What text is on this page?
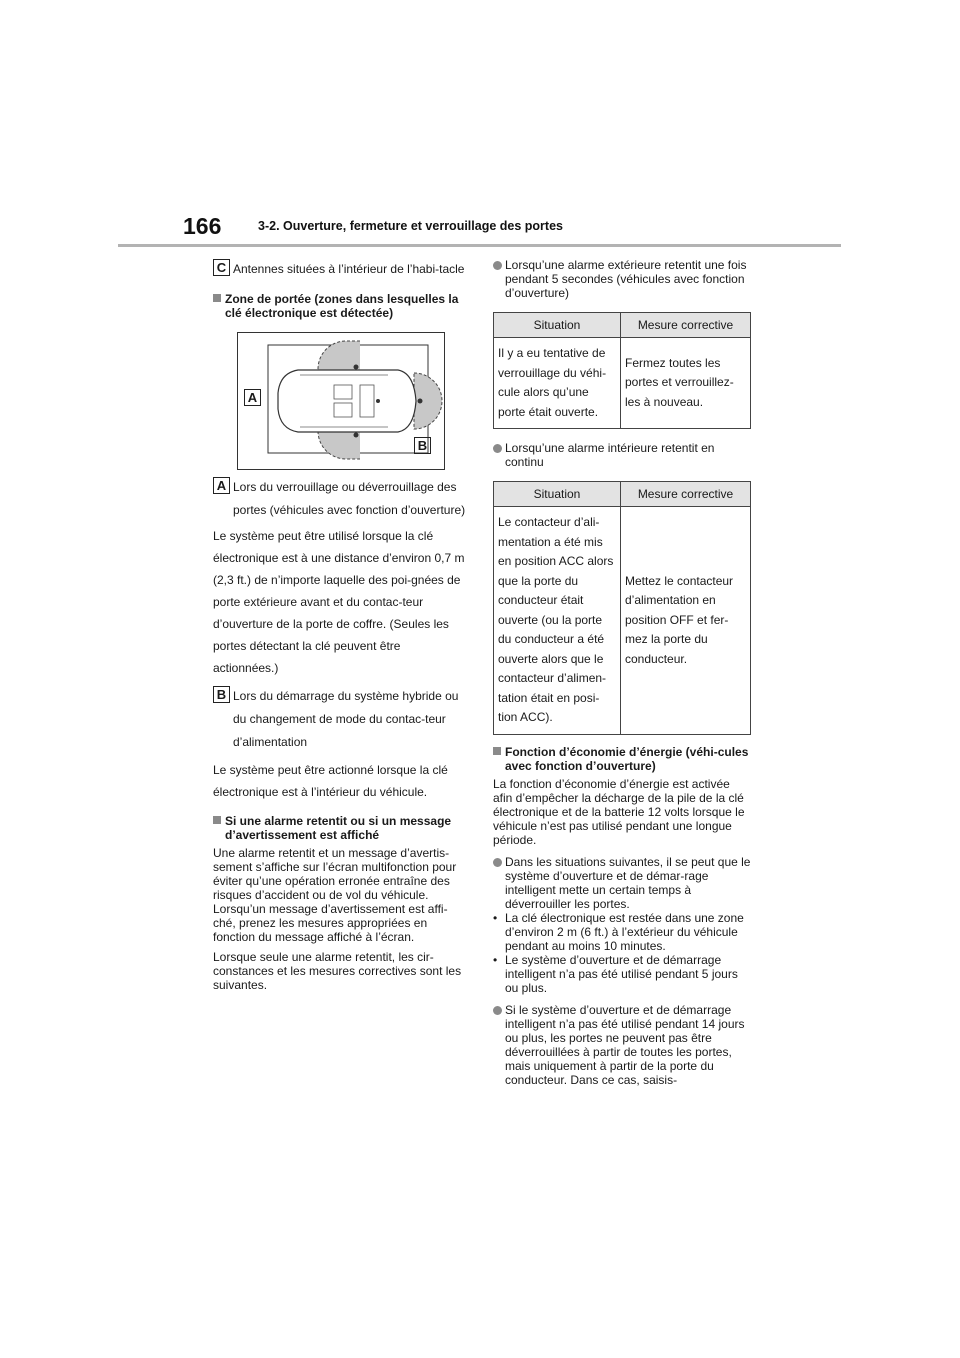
166	3-2. Ouverture, fermeture et verrouillage des portes

C Antennes situées à l’intérieur de l’habi-tacle

Zone de portée (zones dans lesquelles la clé électronique est détectée)

A
B

A Lors du verrouillage ou déverrouillage des portes (véhicules avec fonction d’ouverture)

Le système peut être utilisé lorsque la clé électronique est à une distance d’environ 0,7 m (2,3 ft.) de n’importe laquelle des poi-gnées de porte extérieure avant et du contac-teur d’ouverture de la porte de coffre. (Seules les portes détectant la clé peuvent être actionnées.)

B Lors du démarrage du système hybride ou du changement de mode du contac-teur d’alimentation

Le système peut être actionné lorsque la clé électronique est à l’intérieur du véhicule.

Si une alarme retentit ou si un message d’avertissement est affiché

Une alarme retentit et un message d’avertis-sement s’affiche sur l’écran multifonction pour éviter qu’une opération erronée entraîne des risques d’accident ou de vol du véhicule. Lorsqu’un message d’avertissement est affi-ché, prenez les mesures appropriées en fonction du message affiché à l’écran.

Lorsque seule une alarme retentit, les cir-constances et les mesures correctives sont les suivantes.

Lorsqu’une alarme extérieure retentit une fois pendant 5 secondes (véhicules avec fonction d’ouverture)

Situation	Mesure corrective
Il y a eu tentative de verrouillage du véhi-cule alors qu’une porte était ouverte.	Fermez toutes les portes et verrouillez-les à nouveau.

Lorsqu’une alarme intérieure retentit en continu

Situation	Mesure corrective
Le contacteur d’ali-mentation a été mis en position ACC alors que la porte du conducteur était ouverte (ou la porte du conducteur a été ouverte alors que le contacteur d’alimen-tation était en posi-tion ACC).	Mettez le contacteur d’alimentation en position OFF et fer-mez la porte du conducteur.

Fonction d’économie d’énergie (véhi-cules avec fonction d’ouverture)

La fonction d’économie d’énergie est activée afin d’empêcher la décharge de la pile de la clé électronique et de la batterie 12 volts lorsque le véhicule n’est pas utilisé pendant une longue période.

Dans les situations suivantes, il se peut que le système d’ouverture et de démar-rage intelligent mette un certain temps à déverrouiller les portes.

• La clé électronique est restée dans une zone d’environ 2 m (6 ft.) à l’extérieur du véhicule pendant au moins 10 minutes.

• Le système d’ouverture et de démarrage intelligent n’a pas été utilisé pendant 5 jours ou plus.

Si le système d’ouverture et de démarrage intelligent n’a pas été utilisé pendant 14 jours ou plus, les portes ne peuvent pas être déverrouillées à partir de toutes les portes, mais uniquement à partir de la porte du conducteur. Dans ce cas, saisis-
